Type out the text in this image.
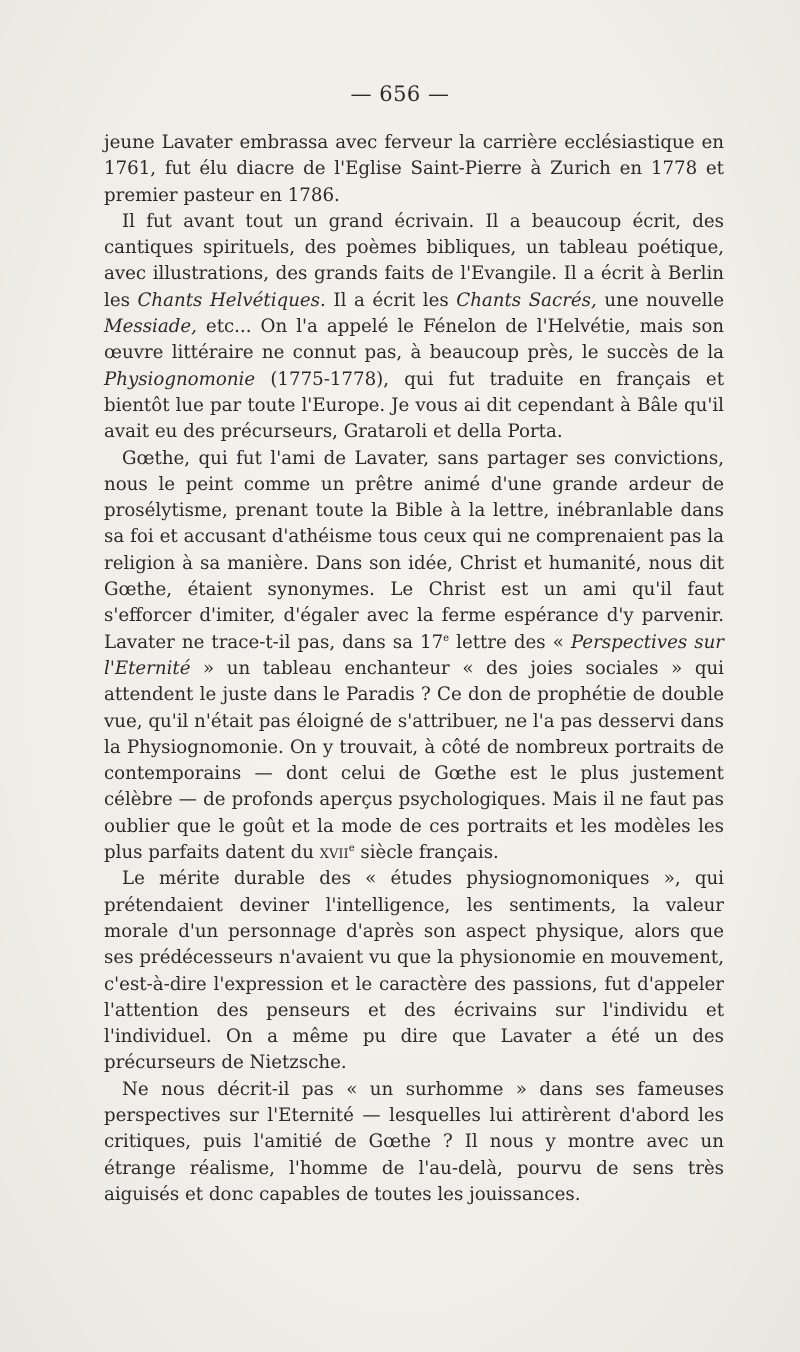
— 656 —

jeune Lavater embrassa avec ferveur la carrière ecclésiastique en 1761, fut élu diacre de l'Eglise Saint-Pierre à Zurich en 1778 et premier pasteur en 1786.

Il fut avant tout un grand écrivain. Il a beaucoup écrit, des cantiques spirituels, des poèmes bibliques, un tableau poétique, avec illustrations, des grands faits de l'Evangile. Il a écrit à Berlin les Chants Helvétiques. Il a écrit les Chants Sacrés, une nouvelle Messiade, etc... On l'a appelé le Fénelon de l'Helvétie, mais son œuvre littéraire ne connut pas, à beaucoup près, le succès de la Physiognomonie (1775-1778), qui fut traduite en français et bientôt lue par toute l'Europe. Je vous ai dit cependant à Bâle qu'il avait eu des précurseurs, Grataroli et della Porta.

Gœthe, qui fut l'ami de Lavater, sans partager ses convictions, nous le peint comme un prêtre animé d'une grande ardeur de prosélytisme, prenant toute la Bible à la lettre, inébranlable dans sa foi et accusant d'athéisme tous ceux qui ne comprenaient pas la religion à sa manière. Dans son idée, Christ et humanité, nous dit Gœthe, étaient synonymes. Le Christ est un ami qu'il faut s'efforcer d'imiter, d'égaler avec la ferme espérance d'y parvenir. Lavater ne trace-t-il pas, dans sa 17e lettre des « Perspectives sur l'Eternité » un tableau enchanteur « des joies sociales » qui attendent le juste dans le Paradis ? Ce don de prophétie de double vue, qu'il n'était pas éloigné de s'attribuer, ne l'a pas desservi dans la Physiognomonie. On y trouvait, à côté de nombreux portraits de contemporains — dont celui de Gœthe est le plus justement célèbre — de profonds aperçus psychologiques. Mais il ne faut pas oublier que le goût et la mode de ces portraits et les modèles les plus parfaits datent du xvii$^e$ siècle français.

Le mérite durable des « études physiognomoniques », qui prétendaient deviner l'intelligence, les sentiments, la valeur morale d'un personnage d'après son aspect physique, alors que ses prédécesseurs n'avaient vu que la physionomie en mouvement, c'est-à-dire l'expression et le caractère des passions, fut d'appeler l'attention des penseurs et des écrivains sur l'individu et l'individuel. On a même pu dire que Lavater a été un des précurseurs de Nietzsche.

Ne nous décrit-il pas « un surhomme » dans ses fameuses perspectives sur l'Eternité — lesquelles lui attirèrent d'abord les critiques, puis l'amitié de Gœthe ? Il nous y montre avec un étrange réalisme, l'homme de l'au-delà, pourvu de sens très aiguisés et donc capables de toutes les jouissances.
